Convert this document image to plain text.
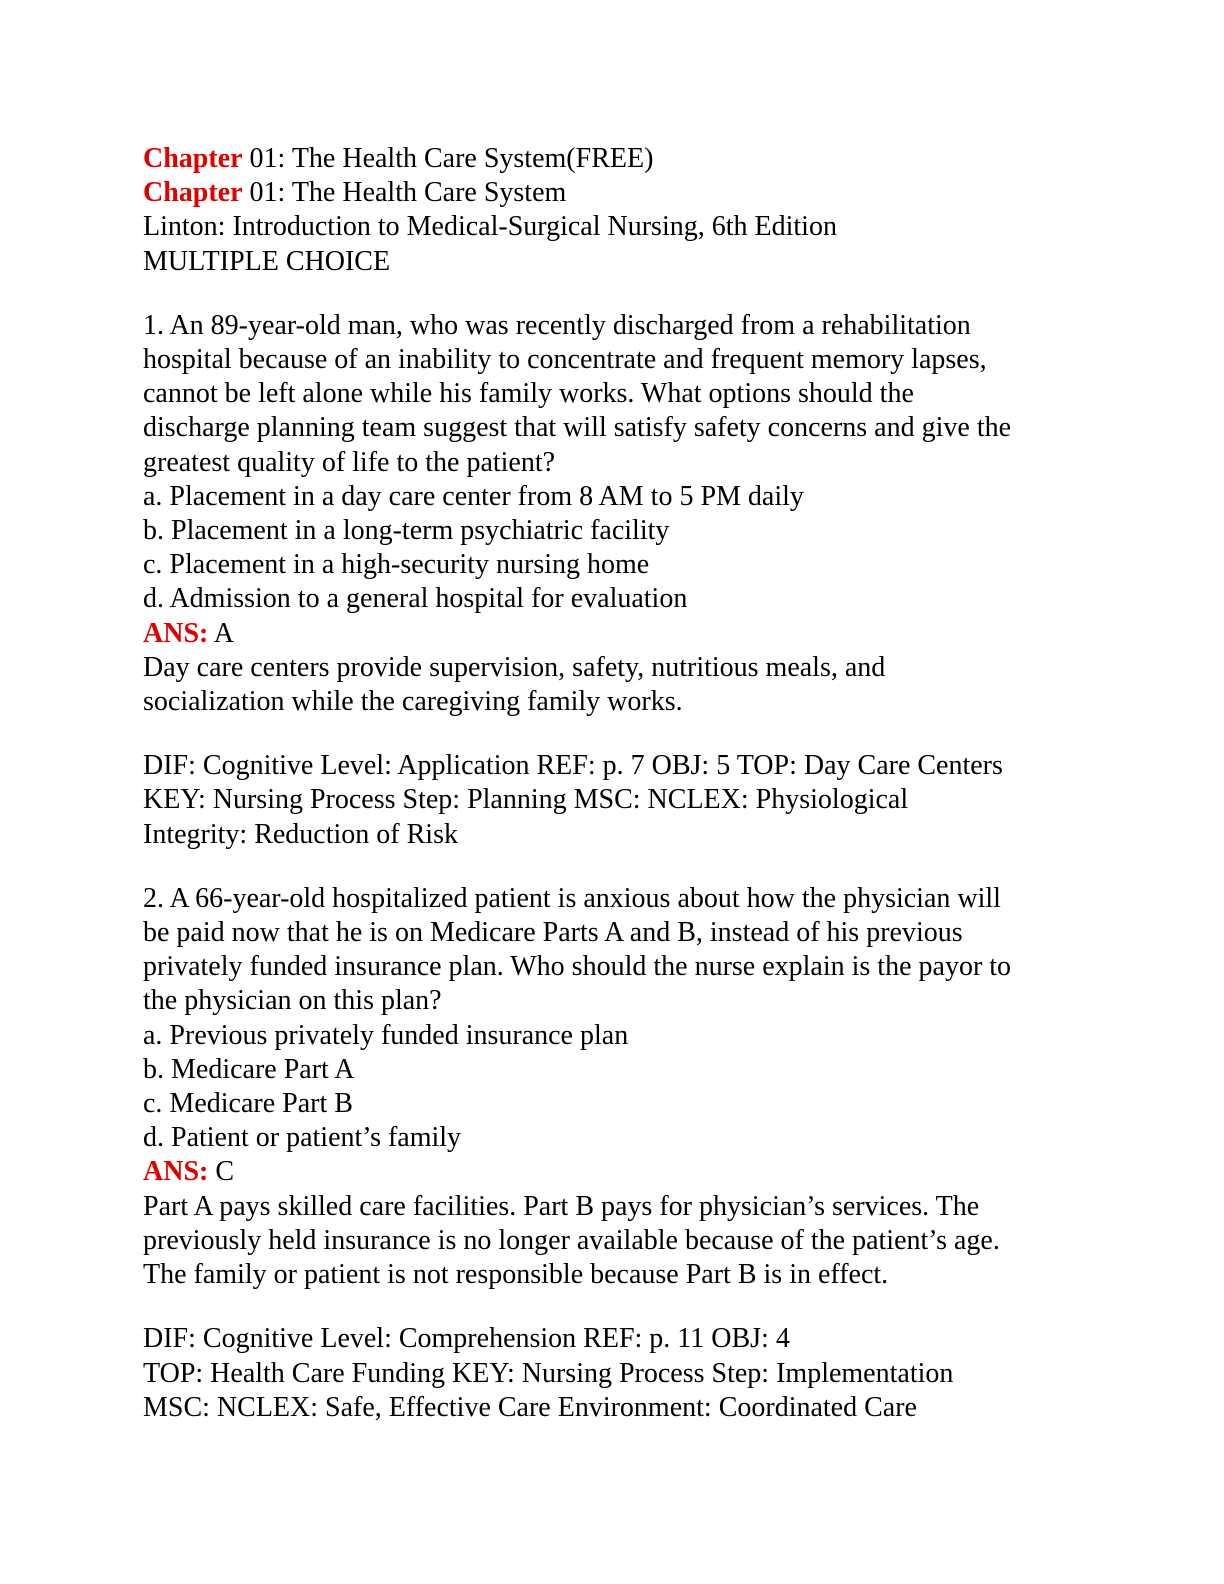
Chapter 01: The Health Care System(FREE)
Chapter 01: The Health Care System
Linton: Introduction to Medical-Surgical Nursing, 6th Edition
MULTIPLE CHOICE
1. An 89-year-old man, who was recently discharged from a rehabilitation
hospital because of an inability to concentrate and frequent memory lapses,
cannot be left alone while his family works. What options should the
discharge planning team suggest that will satisfy safety concerns and give the
greatest quality of life to the patient?
a. Placement in a day care center from 8 AM to 5 PM daily
b. Placement in a long-term psychiatric facility
c. Placement in a high-security nursing home
d. Admission to a general hospital for evaluation
ANS: A
Day care centers provide supervision, safety, nutritious meals, and
socialization while the caregiving family works.
DIF: Cognitive Level: Application REF: p. 7 OBJ: 5 TOP: Day Care Centers
KEY: Nursing Process Step: Planning MSC: NCLEX: Physiological
Integrity: Reduction of Risk
2. A 66-year-old hospitalized patient is anxious about how the physician will
be paid now that he is on Medicare Parts A and B, instead of his previous
privately funded insurance plan. Who should the nurse explain is the payor to
the physician on this plan?
a. Previous privately funded insurance plan
b. Medicare Part A
c. Medicare Part B
d. Patient or patient’s family
ANS: C
Part A pays skilled care facilities. Part B pays for physician’s services. The
previously held insurance is no longer available because of the patient’s age.
The family or patient is not responsible because Part B is in effect.
DIF: Cognitive Level: Comprehension REF: p. 11 OBJ: 4
TOP: Health Care Funding KEY: Nursing Process Step: Implementation
MSC: NCLEX: Safe, Effective Care Environment: Coordinated Care
